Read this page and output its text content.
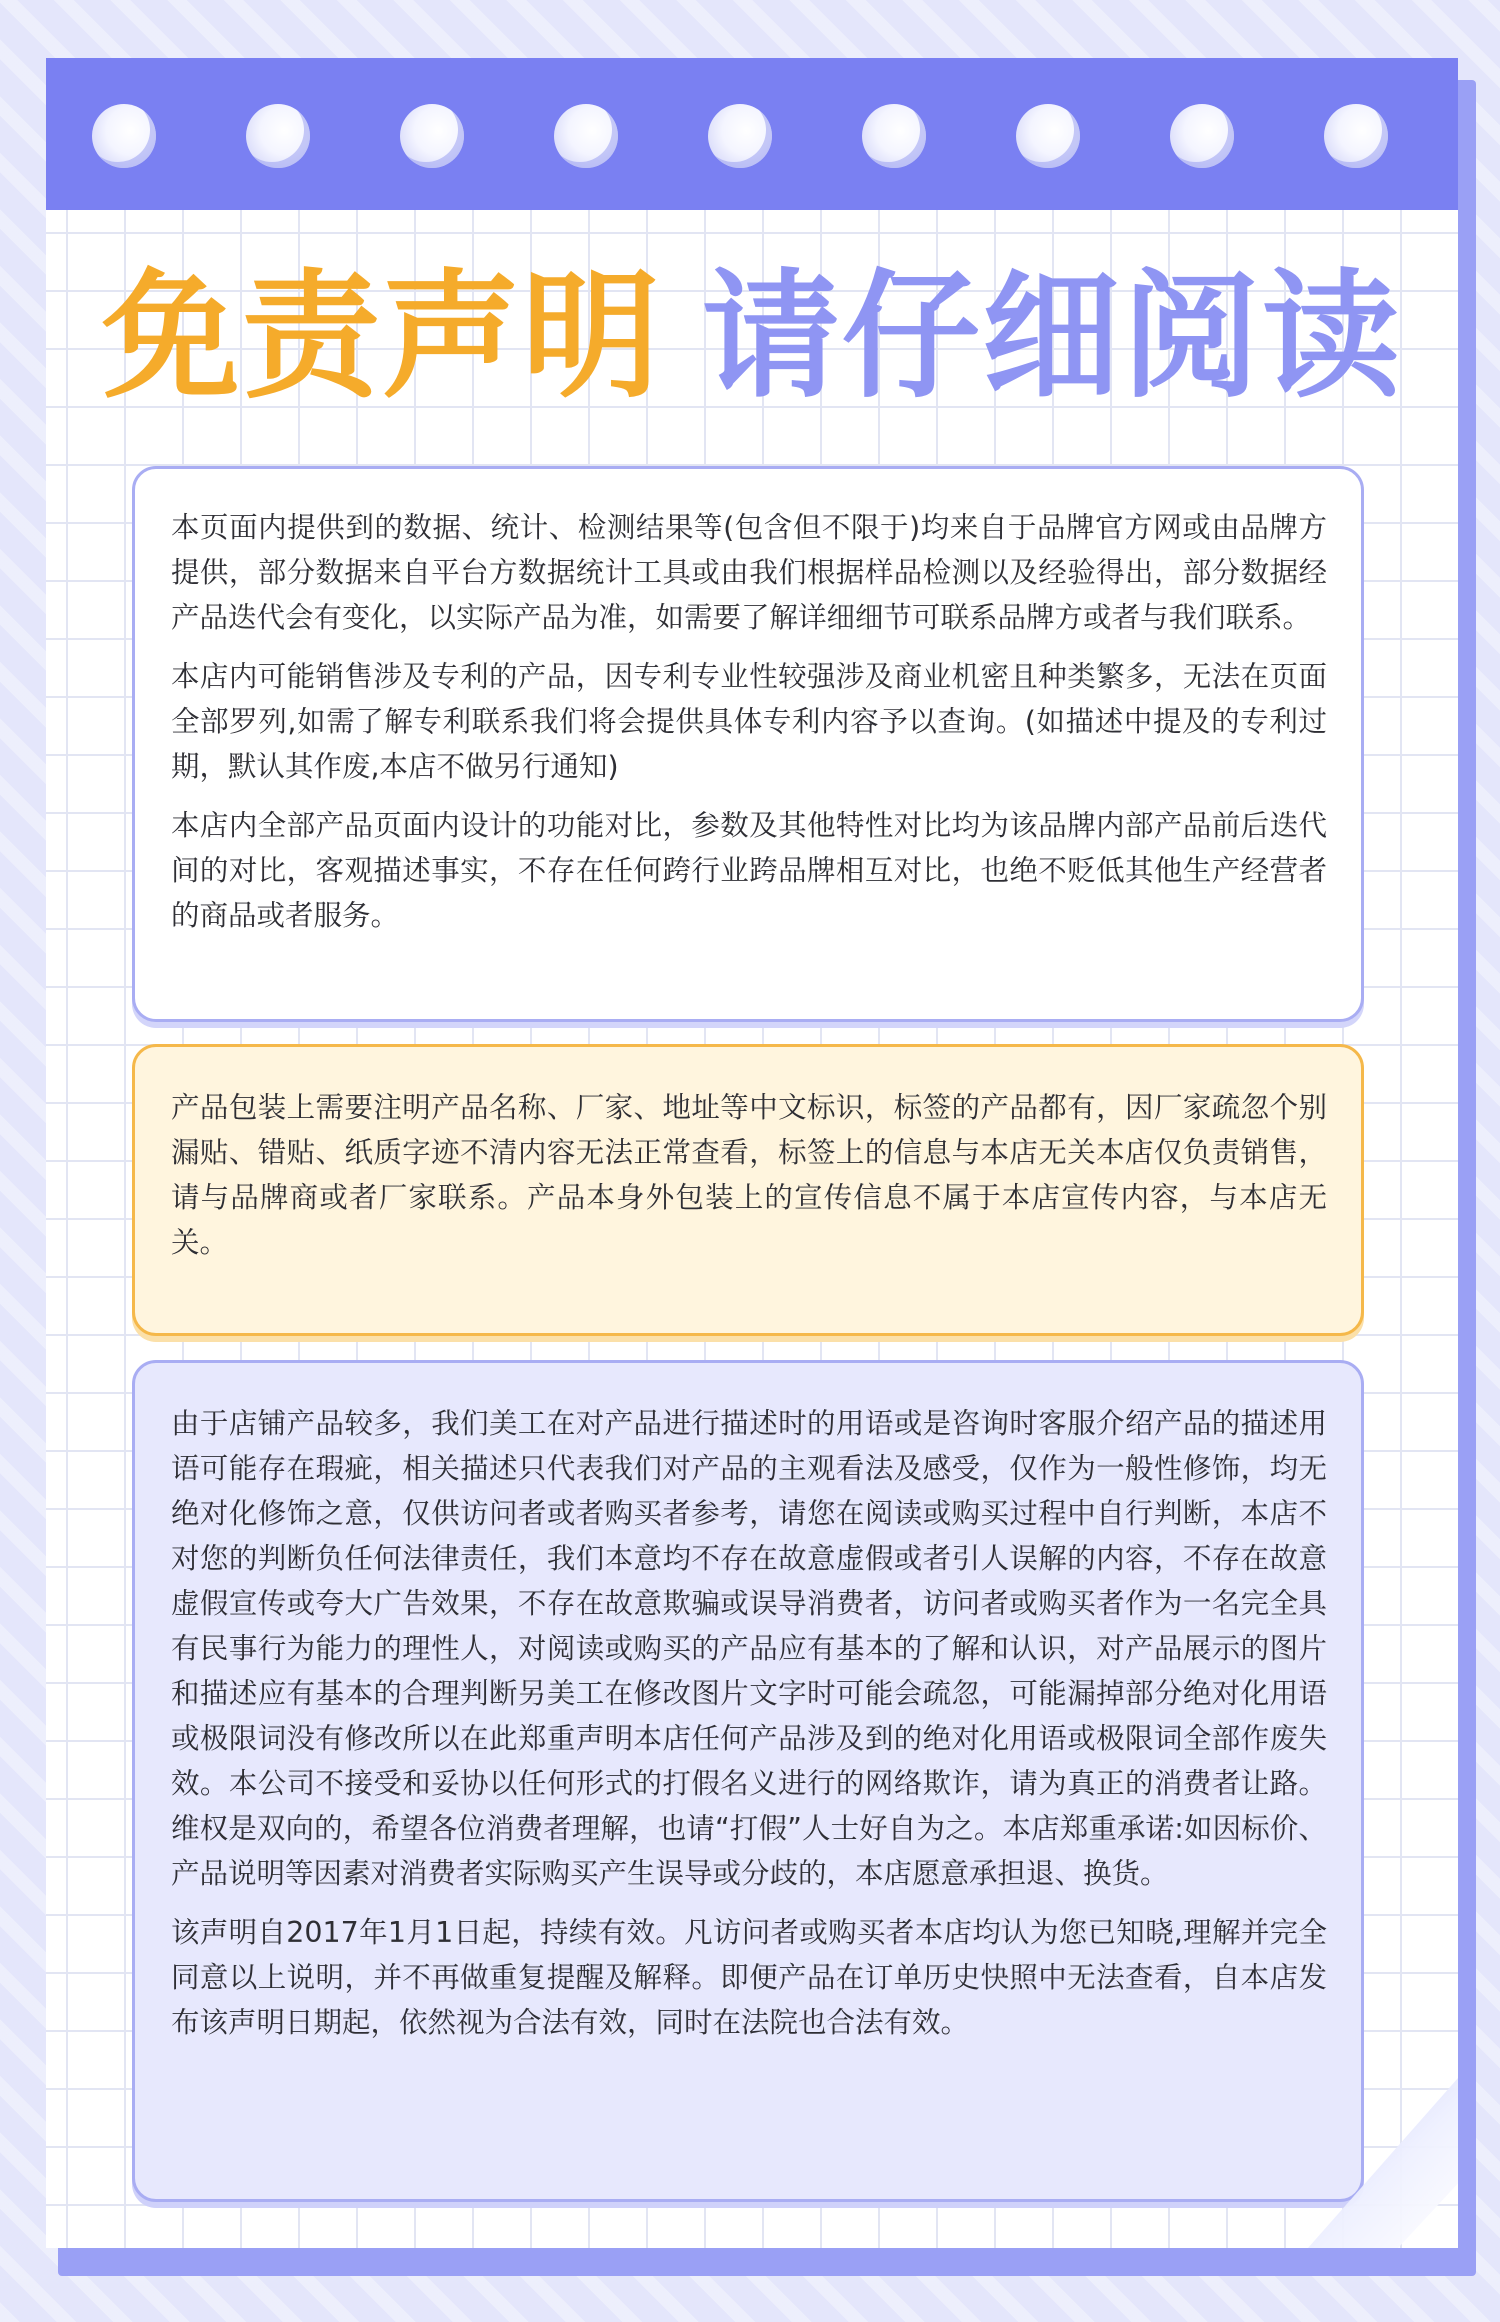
免责声明 请仔细阅读

本页面内提供到的数据、统计、检测结果等(包含但不限于)均来自于品牌官方网或由品牌方提供，部分数据来自平台方数据统计工具或由我们根据样品检测以及经验得出，部分数据经产品迭代会有变化，以实际产品为准，如需要了解详细细节可联系品牌方或者与我们联系。

本店内可能销售涉及专利的产品，因专利专业性较强涉及商业机密且种类繁多，无法在页面全部罗列,如需了解专利联系我们将会提供具体专利内容予以查询。(如描述中提及的专利过期，默认其作废,本店不做另行通知)

本店内全部产品页面内设计的功能对比，参数及其他特性对比均为该品牌内部产品前后迭代间的对比，客观描述事实，不存在任何跨行业跨品牌相互对比，也绝不贬低其他生产经营者的商品或者服务。

产品包装上需要注明产品名称、厂家、地址等中文标识，标签的产品都有，因厂家疏忽个别漏贴、错贴、纸质字迹不清内容无法正常查看，标签上的信息与本店无关本店仅负责销售，请与品牌商或者厂家联系。产品本身外包装上的宣传信息不属于本店宣传内容，与本店无关。

由于店铺产品较多，我们美工在对产品进行描述时的用语或是咨询时客服介绍产品的描述用语可能存在瑕疵，相关描述只代表我们对产品的主观看法及感受，仅作为一般性修饰，均无绝对化修饰之意，仅供访问者或者购买者参考，请您在阅读或购买过程中自行判断，本店不对您的判断负任何法律责任，我们本意均不存在故意虚假或者引人误解的内容，不存在故意虚假宣传或夸大广告效果，不存在故意欺骗或误导消费者，访问者或购买者作为一名完全具有民事行为能力的理性人，对阅读或购买的产品应有基本的了解和认识，对产品展示的图片和描述应有基本的合理判断另美工在修改图片文字时可能会疏忽，可能漏掉部分绝对化用语或极限词没有修改所以在此郑重声明本店任何产品涉及到的绝对化用语或极限词全部作废失效。本公司不接受和妥协以任何形式的打假名义进行的网络欺诈，请为真正的消费者让路。维权是双向的，希望各位消费者理解，也请“打假”人士好自为之。本店郑重承诺:如因标价、产品说明等因素对消费者实际购买产生误导或分歧的，本店愿意承担退、换货。

该声明自2017年1月1日起，持续有效。凡访问者或购买者本店均认为您已知晓,理解并完全同意以上说明，并不再做重复提醒及解释。即便产品在订单历史快照中无法查看，自本店发布该声明日期起，依然视为合法有效，同时在法院也合法有效。
